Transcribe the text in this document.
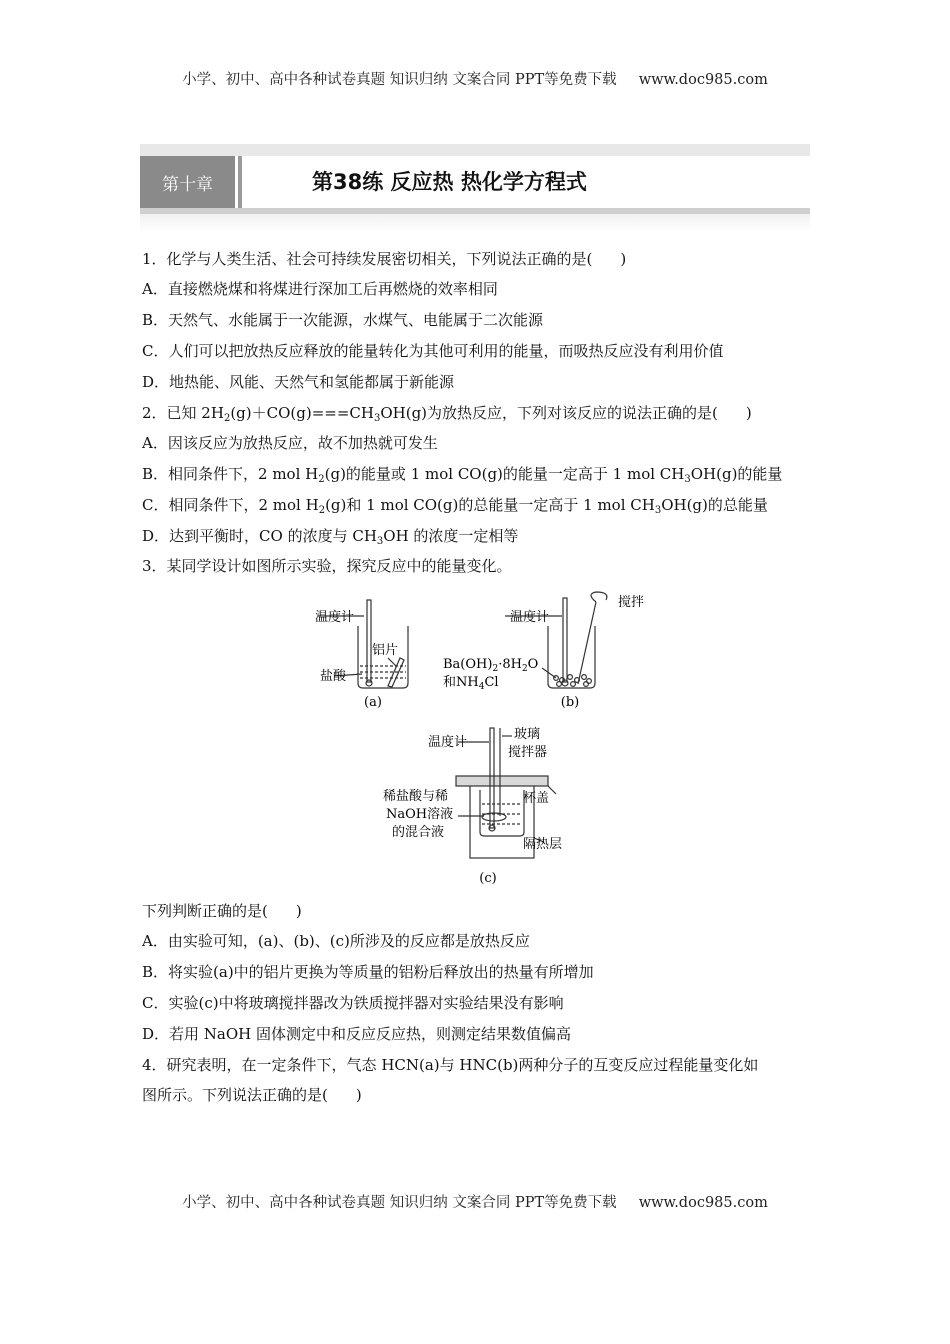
小学、初中、高中各种试卷真题 知识归纳 文案合同 PPT等免费下载 www.doc985.com
第十章	第38练 反应热 热化学方程式
1．化学与人类生活、社会可持续发展密切相关，下列说法正确的是( )
A．直接燃烧煤和将煤进行深加工后再燃烧的效率相同
B．天然气、水能属于一次能源，水煤气、电能属于二次能源
C．人们可以把放热反应释放的能量转化为其他可利用的能量，而吸热反应没有利用价值
D．地热能、风能、天然气和氢能都属于新能源
2．已知 $2H_2(g)+CO(g)===CH_3OH(g)$为放热反应，下列对该反应的说法正确的是( )
A．因该反应为放热反应，故不加热就可发生
B．相同条件下，2 mol $H_2(g)$的能量或 1 mol CO(g)的能量一定高于 1 mol $CH_3OH(g)$的能量
C．相同条件下，2 mol $H_2(g)$和 1 mol CO(g)的总能量一定高于 1 mol $CH_3OH(g)$的总能量
D．达到平衡时，CO 的浓度与 $CH_3OH$ 的浓度一定相等
3．某同学设计如图所示实验，探究反应中的能量变化。
温度计
铝片
盐酸
(a)
温度计
搅拌
$Ba(OH)_2\cdot 8H_2O$
和$NH_4Cl$
(b)
温度计
玻璃
搅拌器
杯盖
稀盐酸与稀
NaOH溶液
的混合液
隔热层
(c)
下列判断正确的是( )
A．由实验可知，(a)、(b)、(c)所涉及的反应都是放热反应
B．将实验(a)中的铝片更换为等质量的铝粉后释放出的热量有所增加
C．实验(c)中将玻璃搅拌器改为铁质搅拌器对实验结果没有影响
D．若用 NaOH 固体测定中和反应反应热，则测定结果数值偏高
4．研究表明，在一定条件下，气态 HCN(a)与 HNC(b)两种分子的互变反应过程能量变化如
图所示。下列说法正确的是( )
小学、初中、高中各种试卷真题 知识归纳 文案合同 PPT等免费下载 www.doc985.com
